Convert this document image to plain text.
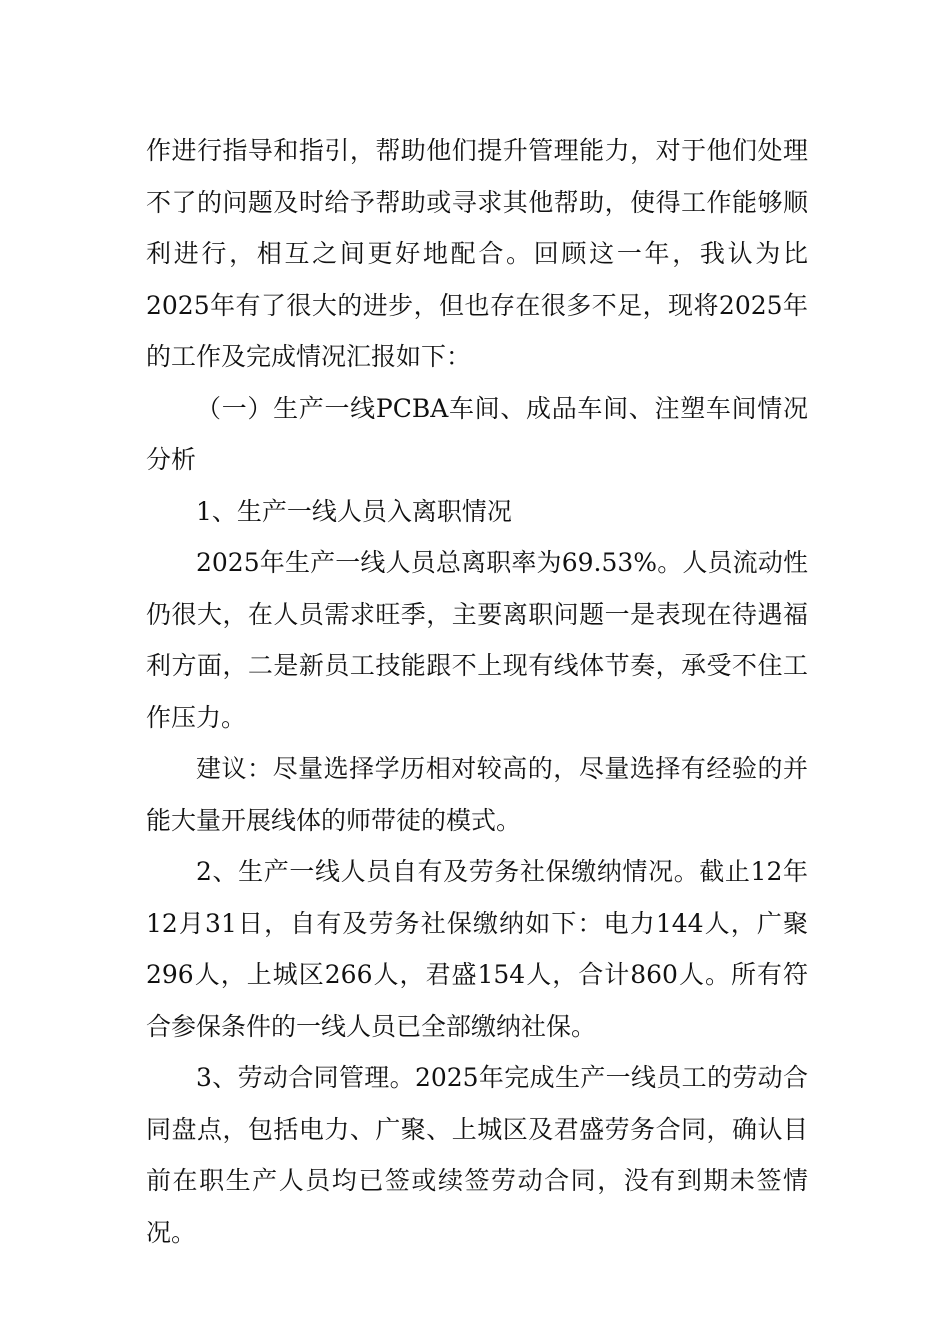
作进行指导和指引，帮助他们提升管理能力，对于他们处理不了的问题及时给予帮助或寻求其他帮助，使得工作能够顺利进行，相互之间更好地配合。回顾这一年，我认为比2025年有了很大的进步，但也存在很多不足，现将2025年的工作及完成情况汇报如下：

（一）生产一线PCBA车间、成品车间、注塑车间情况分析

1、生产一线人员入离职情况

2025年生产一线人员总离职率为69.53%。人员流动性仍很大，在人员需求旺季，主要离职问题一是表现在待遇福利方面，二是新员工技能跟不上现有线体节奏，承受不住工作压力。

建议：尽量选择学历相对较高的，尽量选择有经验的并能大量开展线体的师带徒的模式。

2、生产一线人员自有及劳务社保缴纳情况。截止12年12月31日，自有及劳务社保缴纳如下：电力144人，广聚296人，上城区266人，君盛154人，合计860人。所有符合参保条件的一线人员已全部缴纳社保。

3、劳动合同管理。2025年完成生产一线员工的劳动合同盘点，包括电力、广聚、上城区及君盛劳务合同，确认目前在职生产人员均已签或续签劳动合同，没有到期未签情况。
